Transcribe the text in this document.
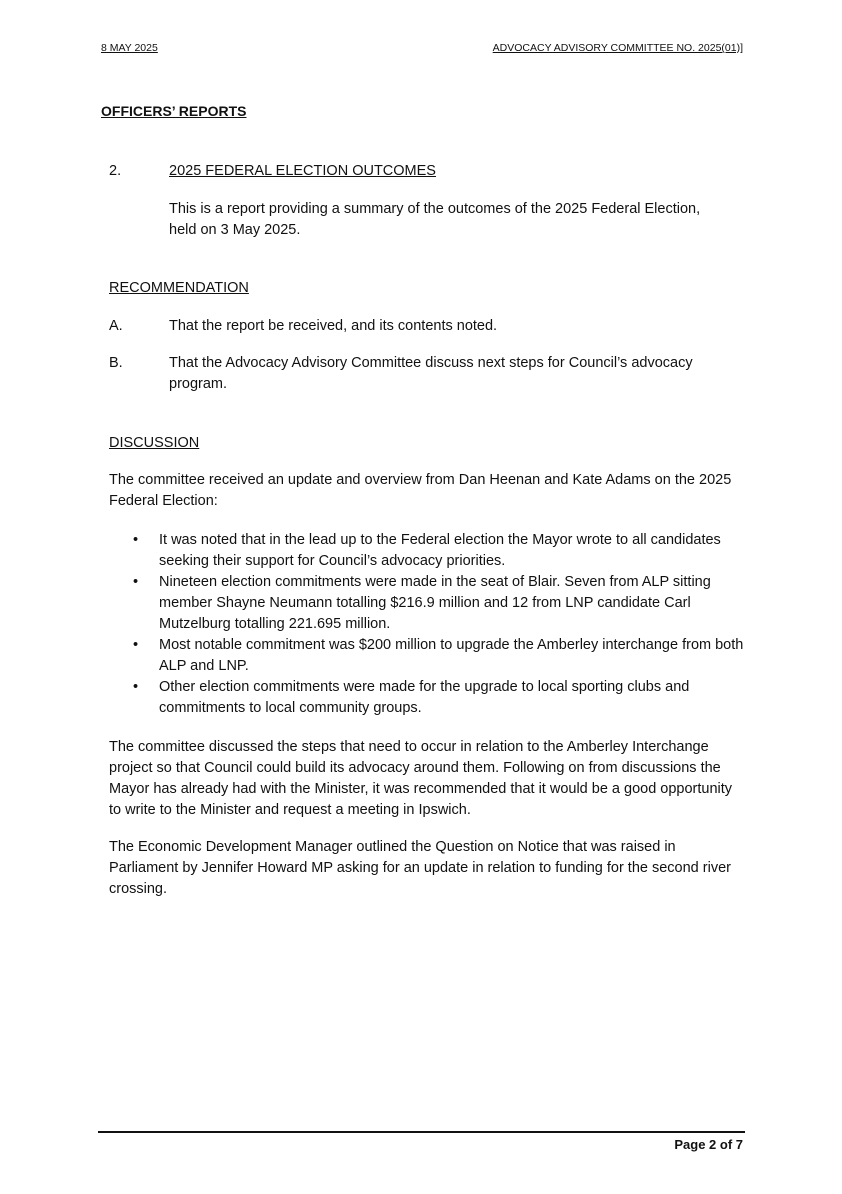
8 MAY 2025	ADVOCACY ADVISORY COMMITTEE NO. 2025(01)]
OFFICERS’ REPORTS
2.	2025 FEDERAL ELECTION OUTCOMES
This is a report providing a summary of the outcomes of the 2025 Federal Election, held on 3 May 2025.
RECOMMENDATION
A.	That the report be received, and its contents noted.
B.	That the Advocacy Advisory Committee discuss next steps for Council’s advocacy program.
DISCUSSION
The committee received an update and overview from Dan Heenan and Kate Adams on the 2025 Federal Election:
• It was noted that in the lead up to the Federal election the Mayor wrote to all candidates seeking their support for Council’s advocacy priorities.
• Nineteen election commitments were made in the seat of Blair. Seven from ALP sitting member Shayne Neumann totalling $216.9 million and 12 from LNP candidate Carl Mutzelburg totalling 221.695 million.
• Most notable commitment was $200 million to upgrade the Amberley interchange from both ALP and LNP.
• Other election commitments were made for the upgrade to local sporting clubs and commitments to local community groups.
The committee discussed the steps that need to occur in relation to the Amberley Interchange project so that Council could build its advocacy around them. Following on from discussions the Mayor has already had with the Minister, it was recommended that it would be a good opportunity to write to the Minister and request a meeting in Ipswich.
The Economic Development Manager outlined the Question on Notice that was raised in Parliament by Jennifer Howard MP asking for an update in relation to funding for the second river crossing.
Page 2 of 7
